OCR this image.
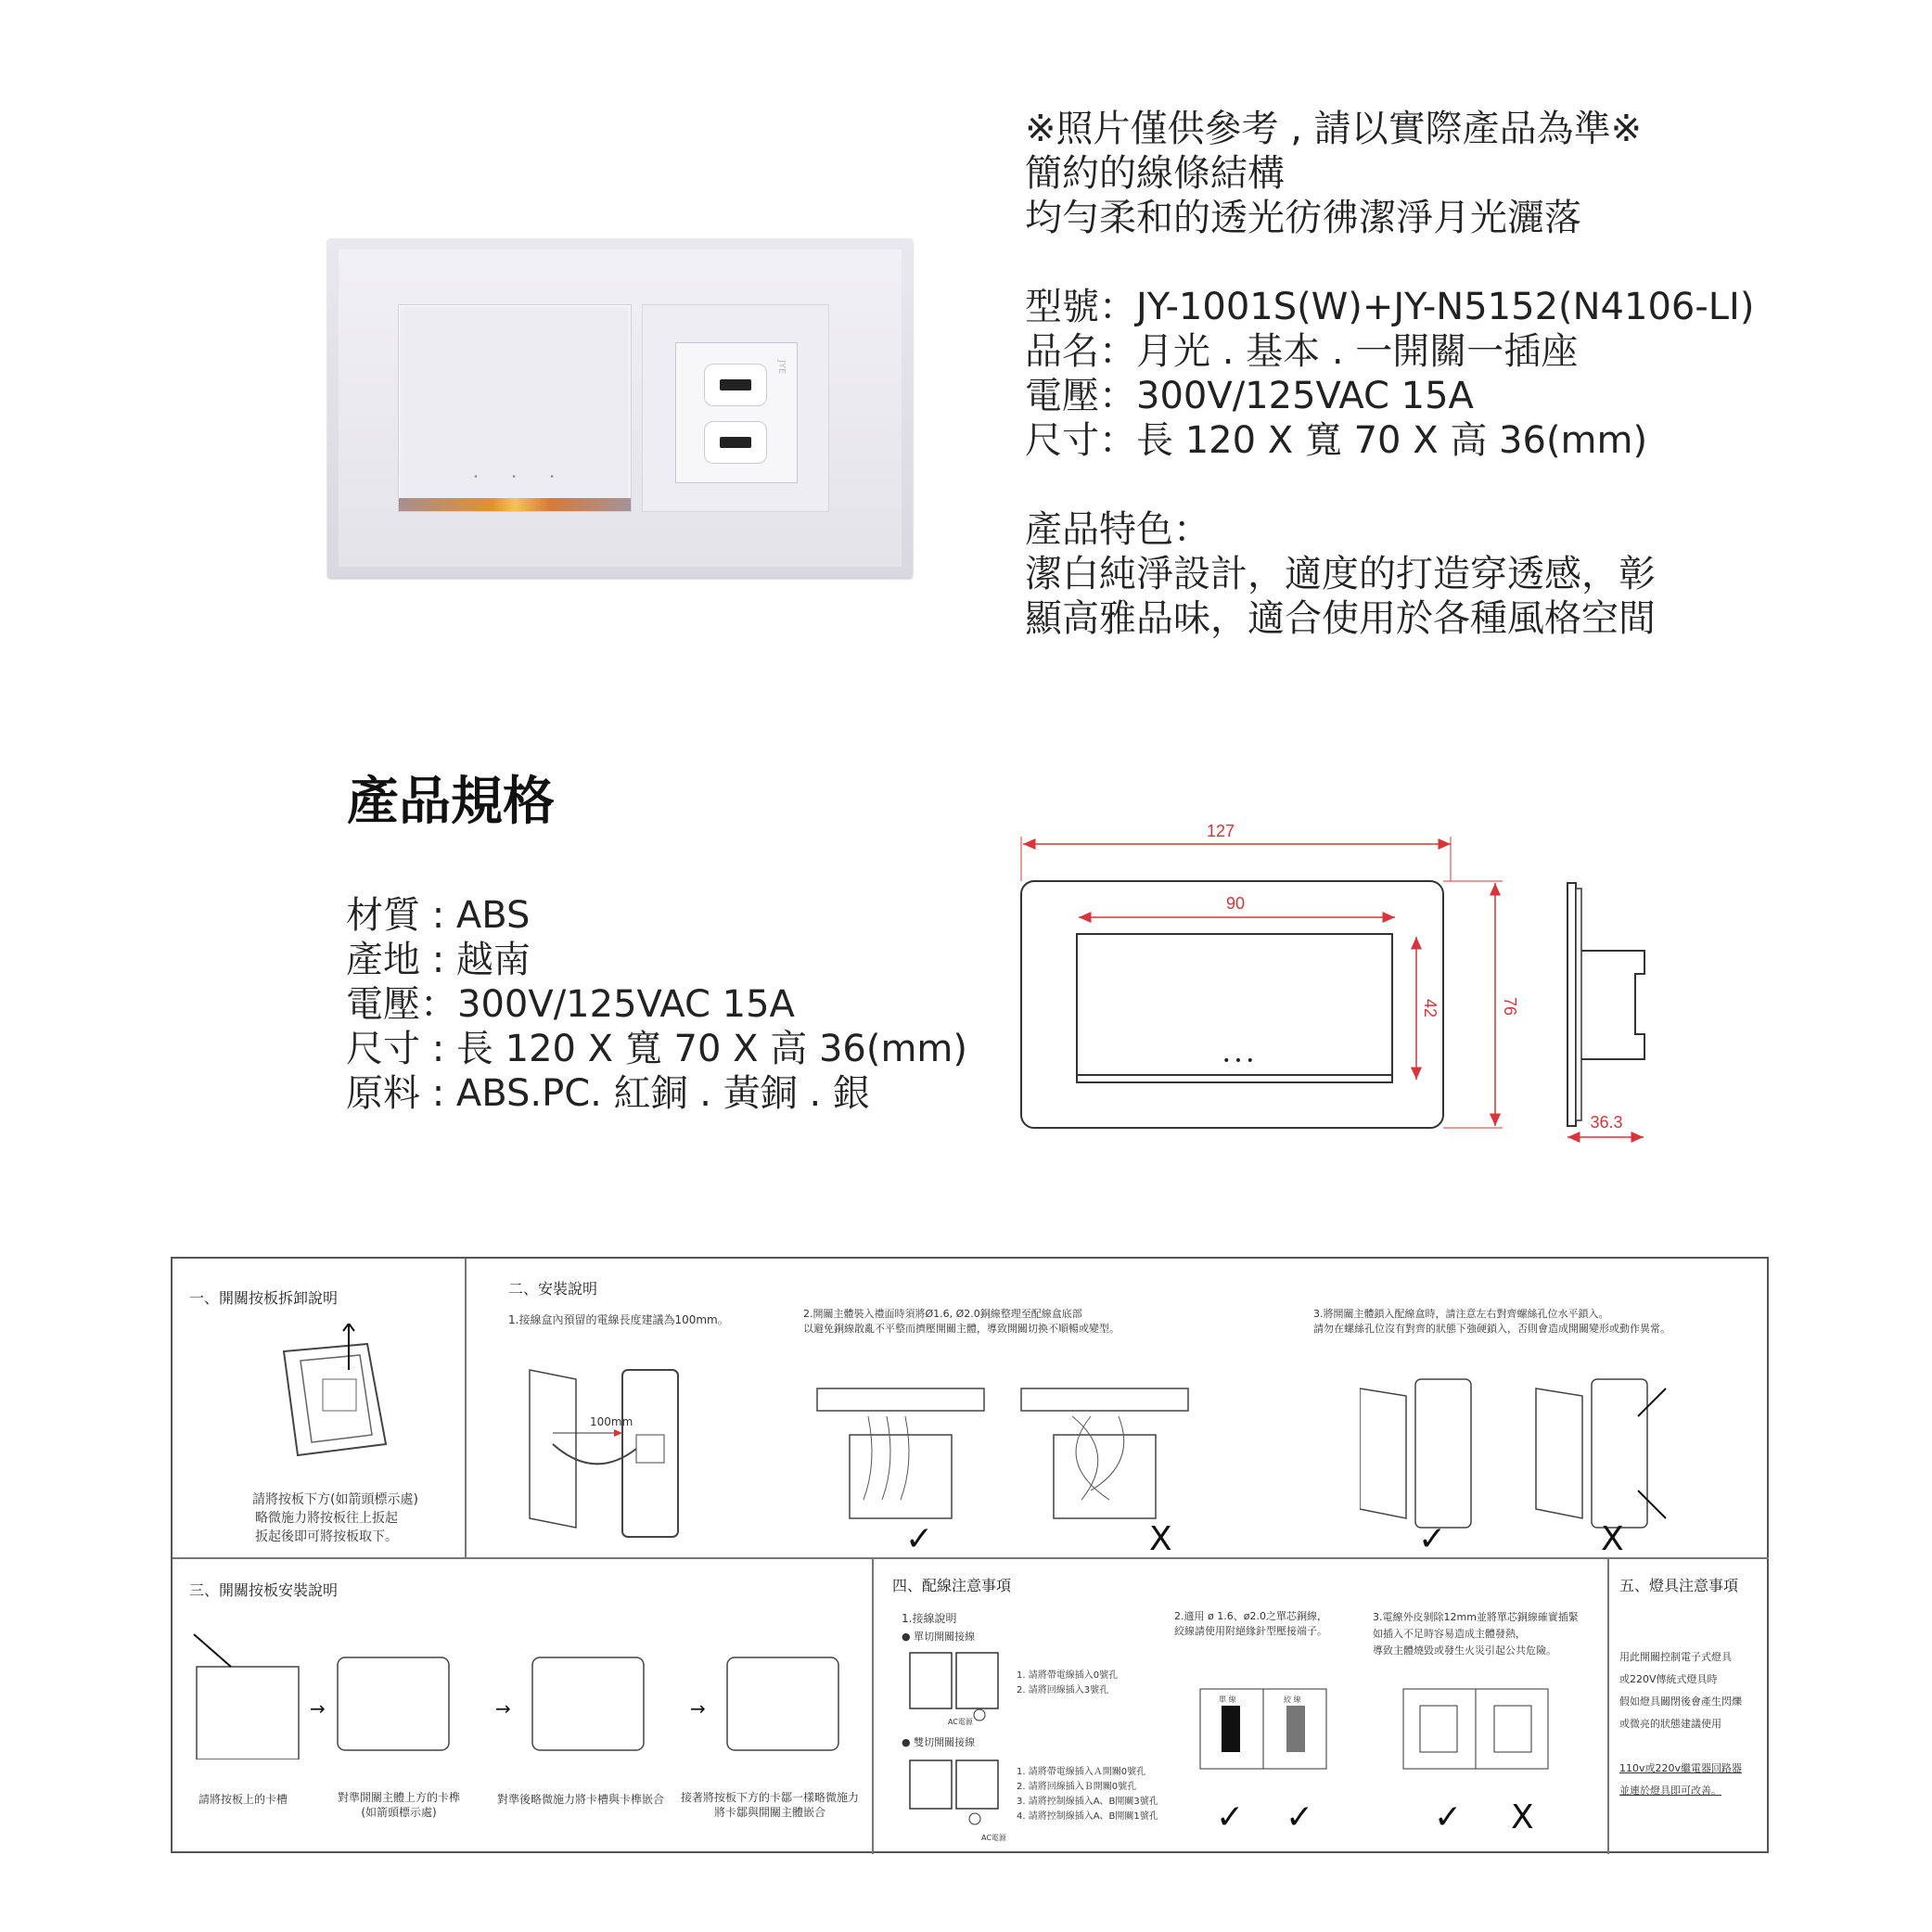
• • •
JYE

※照片僅供參考 , 請以實際產品為準※

簡約的線條結構

均勻柔和的透光彷彿潔淨月光灑落

型號：JY-1001S(W)+JY-N5152(N4106-LI)

品名：月光 . 基本 . 一開關一插座

電壓：300V/125VAC 15A

尺寸：長 120 X 寬 70 X 高 36(mm)

產品特色：

潔白純淨設計，適度的打造穿透感，彰

顯高雅品味，適合使用於各種風格空間

產品規格

材質 : ABS

產地 : 越南

電壓：300V/125VAC 15A

尺寸 : 長 120 X 寬 70 X 高 36(mm)

原料 : ABS.PC. 紅銅 . 黃銅 . 銀

• • •
127
90
42	76
36.3
一、開關按板拆卸說明
請將按板下方(如箭頭標示處)
略微施力將按板往上扳起
扳起後即可將按板取下。
二、安裝說明
1.接線盒內預留的電線長度建議為100mm。
100mm
2.開關主體裝入禮面時須將Ø1.6, Ø2.0銅線整理至配線盒底部
以避免銅線散亂不平整而擠壓開關主體，導致開關切換不順暢或變型。
3.將開關主體鎖入配線盒時，請注意左右對齊螺絲孔位水平鎖入。
請勿在螺絲孔位沒有對齊的狀態下強硬鎖入，否則會造成開關變形或動作異常。
✓	X	✓	X
三、開關按板安裝說明
→	→	→
請將按板上的卡槽	對準開關主體上方的卡榫
(如箭頭標示處)
對準後略微施力將卡槽與卡榫嵌合 接著將按板下方的卡鄒一樣略微施力
將卡鄒與開關主體嵌合
四、配線注意事項
1.接線說明
● 單切開關接線
AC電源
1. 請將帶電線插入0號孔
2. 請將回線插入3號孔
● 雙切開關接線
AC電源
1. 請將帶電線插入Ａ開關0號孔
2. 請將回線插入Ｂ開關0號孔
3. 請將控制線插入A、B開關3號孔
4. 請將控制線插入A、B開關1號孔
2.適用 ø 1.6、ø2.0之單芯銅線，
絞線請使用附絕緣針型壓接端子。
單 線	絞 線
3.電線外皮剝除12mm並將單芯銅線確實插緊
如插入不足時容易造成主體發熱，
導致主體燒毀或發生火災引起公共危險。
✓ ✓	✓ X
五、燈具注意事項
用此開關控制電子式燈具
或220V傳統式燈具時
假如燈具關閉後會產生閃爍
或微亮的狀態建議使用
110v或220v繼電器回路器
並連於燈具即可改善。
